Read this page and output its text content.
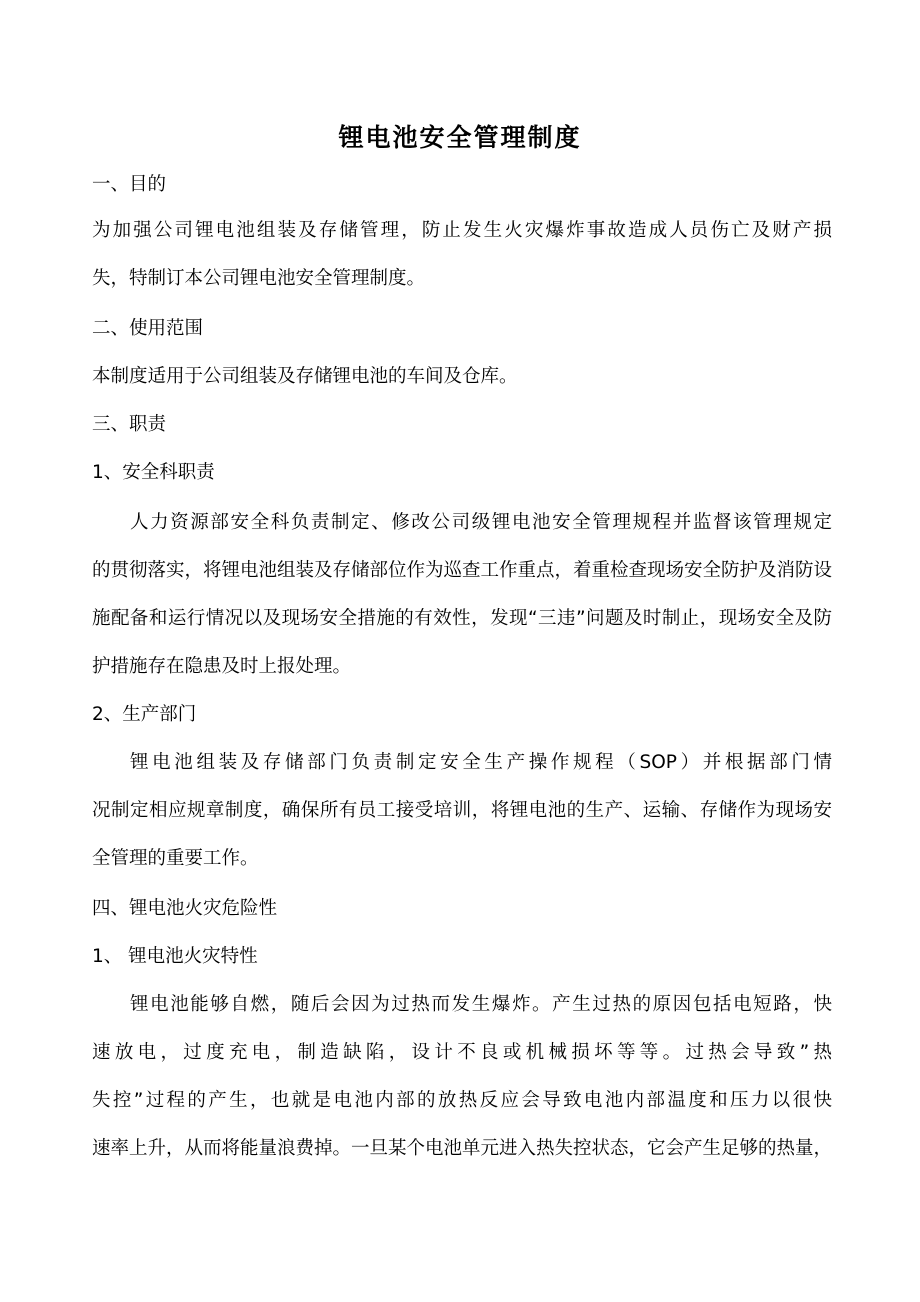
锂电池安全管理制度
一、目的
为加强公司锂电池组装及存储管理，防止发生火灾爆炸事故造成人员伤亡及财产损
失，特制订本公司锂电池安全管理制度。
二、使用范围
本制度适用于公司组装及存储锂电池的车间及仓库。
三、职责
1、安全科职责
人力资源部安全科负责制定、修改公司级锂电池安全管理规程并监督该管理规定
的贯彻落实，将锂电池组装及存储部位作为巡查工作重点，着重检查现场安全防护及消防设
施配备和运行情况以及现场安全措施的有效性，发现“三违”问题及时制止，现场安全及防
护措施存在隐患及时上报处理。
2、生产部门
锂电池组装及存储部门负责制定安全生产操作规程（SOP）并根据部门情
况制定相应规章制度，确保所有员工接受培训，将锂电池的生产、运输、存储作为现场安
全管理的重要工作。
四、锂电池火灾危险性
1、 锂电池火灾特性
锂电池能够自燃，随后会因为过热而发生爆炸。产生过热的原因包括电短路，快
速放电，过度充电，制造缺陷，设计不良或机械损坏等等。过热会导致”热
失控”过程的产生，也就是电池内部的放热反应会导致电池内部温度和压力以很快
速率上升，从而将能量浪费掉。一旦某个电池单元进入热失控状态，它会产生足够的热量，
